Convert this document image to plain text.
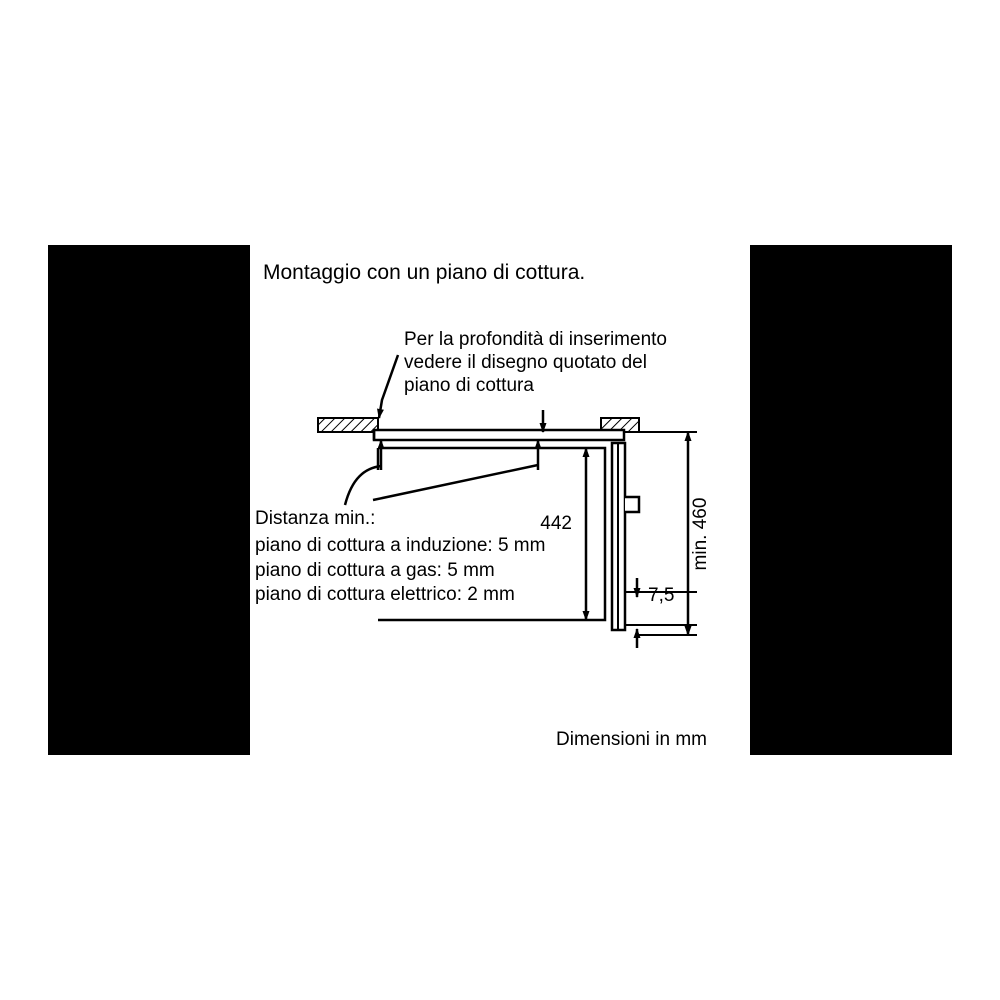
Montaggio con un piano di cottura.
Per la profondità di inserimento
vedere il disegno quotato del
piano di cottura
Distanza min.:
piano di cottura a induzione: 5 mm
piano di cottura a gas: 5 mm
piano di cottura elettrico: 2 mm
442	min. 460
7,5
Dimensioni in mm
